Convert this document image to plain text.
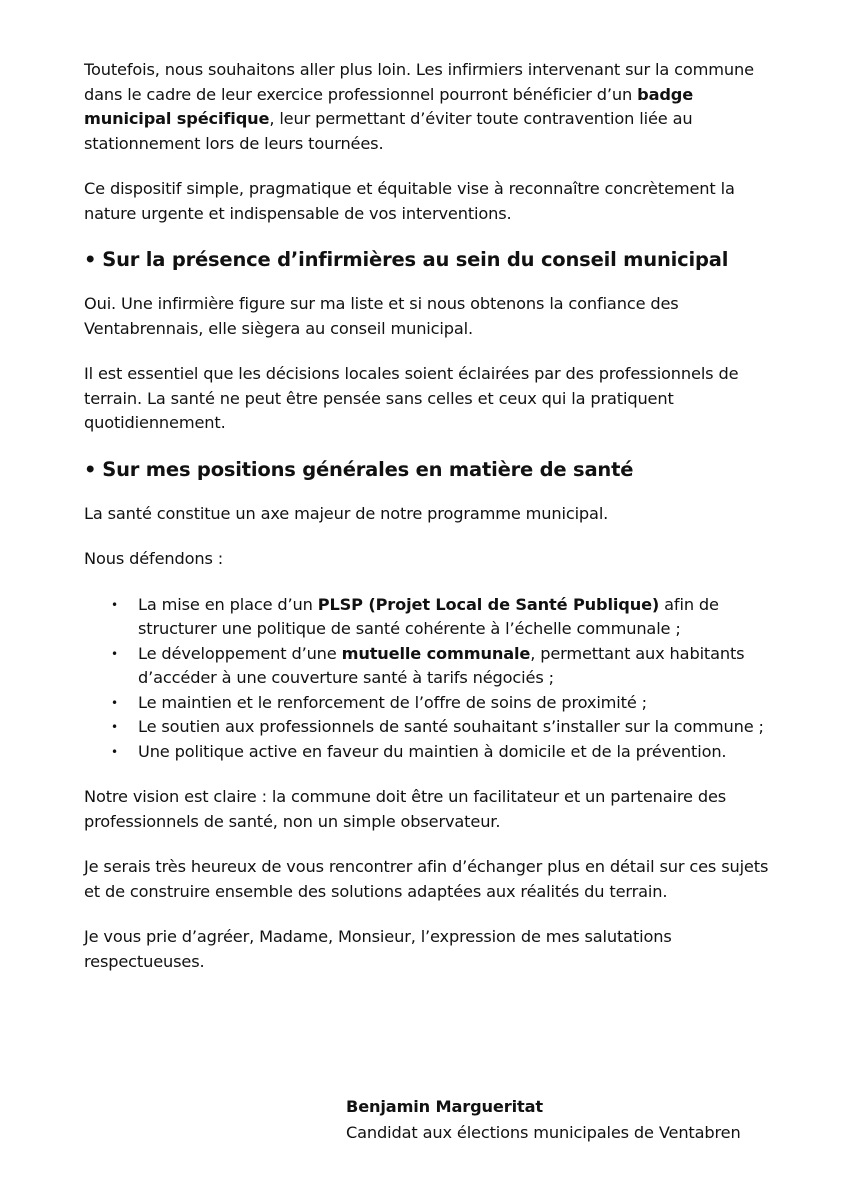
Toutefois, nous souhaitons aller plus loin. Les infirmiers intervenant sur la commune dans le cadre de leur exercice professionnel pourront bénéficier d’un badge municipal spécifique, leur permettant d’éviter toute contravention liée au stationnement lors de leurs tournées.

Ce dispositif simple, pragmatique et équitable vise à reconnaître concrètement la nature urgente et indispensable de vos interventions.

• Sur la présence d’infirmières au sein du conseil municipal

Oui. Une infirmière figure sur ma liste et si nous obtenons la confiance des Ventabrennais, elle siègera au conseil municipal.

Il est essentiel que les décisions locales soient éclairées par des professionnels de terrain. La santé ne peut être pensée sans celles et ceux qui la pratiquent quotidiennement.

• Sur mes positions générales en matière de santé

La santé constitue un axe majeur de notre programme municipal.

Nous défendons :

• La mise en place d’un PLSP (Projet Local de Santé Publique) afin de structurer une politique de santé cohérente à l’échelle communale ;
• Le développement d’une mutuelle communale, permettant aux habitants d’accéder à une couverture santé à tarifs négociés ;
• Le maintien et le renforcement de l’offre de soins de proximité ;
• Le soutien aux professionnels de santé souhaitant s’installer sur la commune ;
• Une politique active en faveur du maintien à domicile et de la prévention.

Notre vision est claire : la commune doit être un facilitateur et un partenaire des professionnels de santé, non un simple observateur.

Je serais très heureux de vous rencontrer afin d’échanger plus en détail sur ces sujets et de construire ensemble des solutions adaptées aux réalités du terrain.

Je vous prie d’agréer, Madame, Monsieur, l’expression de mes salutations respectueuses.

Benjamin Margueritat
Candidat aux élections municipales de Ventabren
